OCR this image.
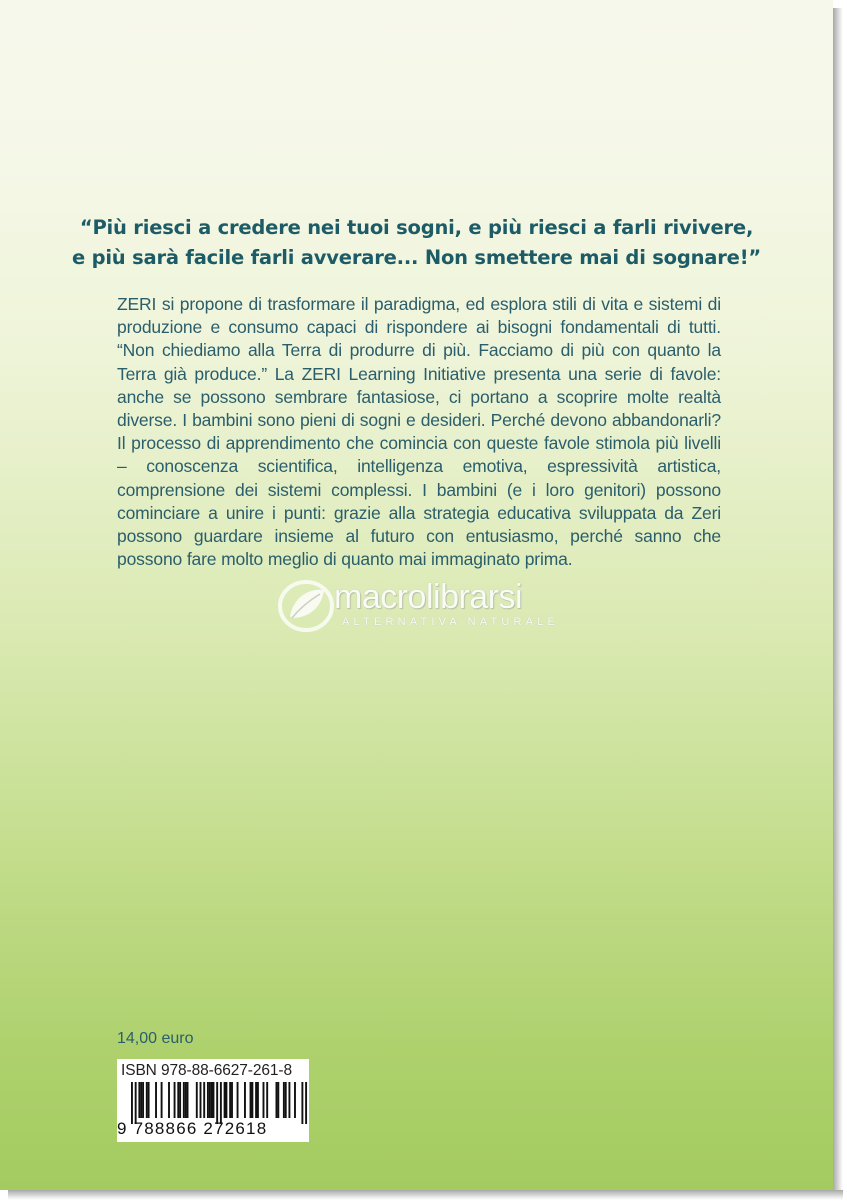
“Più riesci a credere nei tuoi sogni, e più riesci a farli rivivere,
e più sarà facile farli avverare... Non smettere mai di sognare!”
ZERI si propone di trasformare il paradigma, ed esplora stili di vita e sistemi di produzione e consumo capaci di rispondere ai bisogni fondamentali di tutti. “Non chiediamo alla Terra di produrre di più. Facciamo di più con quanto la Terra già produce.” La ZERI Learning Initiative presenta una serie di favole: anche se possono sembrare fantasiose, ci portano a scoprire molte realtà diverse. I bambini sono pieni di sogni e desideri. Perché devono abbandonarli? Il processo di apprendimento che comincia con queste favole stimola più livelli – conoscenza scientifica, intelligenza emotiva, espressività artistica, comprensione dei sistemi complessi. I bambini (e i loro genitori) possono cominciare a unire i punti: grazie alla strategia educativa sviluppata da Zeri possono guardare insieme al futuro con entusiasmo, perché sanno che possono fare molto meglio di quanto mai immaginato prima.
macrolibrarsi
ALTERNATIVA NATURALE
14,00 euro
ISBN 978-88-6627-261-8
9 788866 272618
